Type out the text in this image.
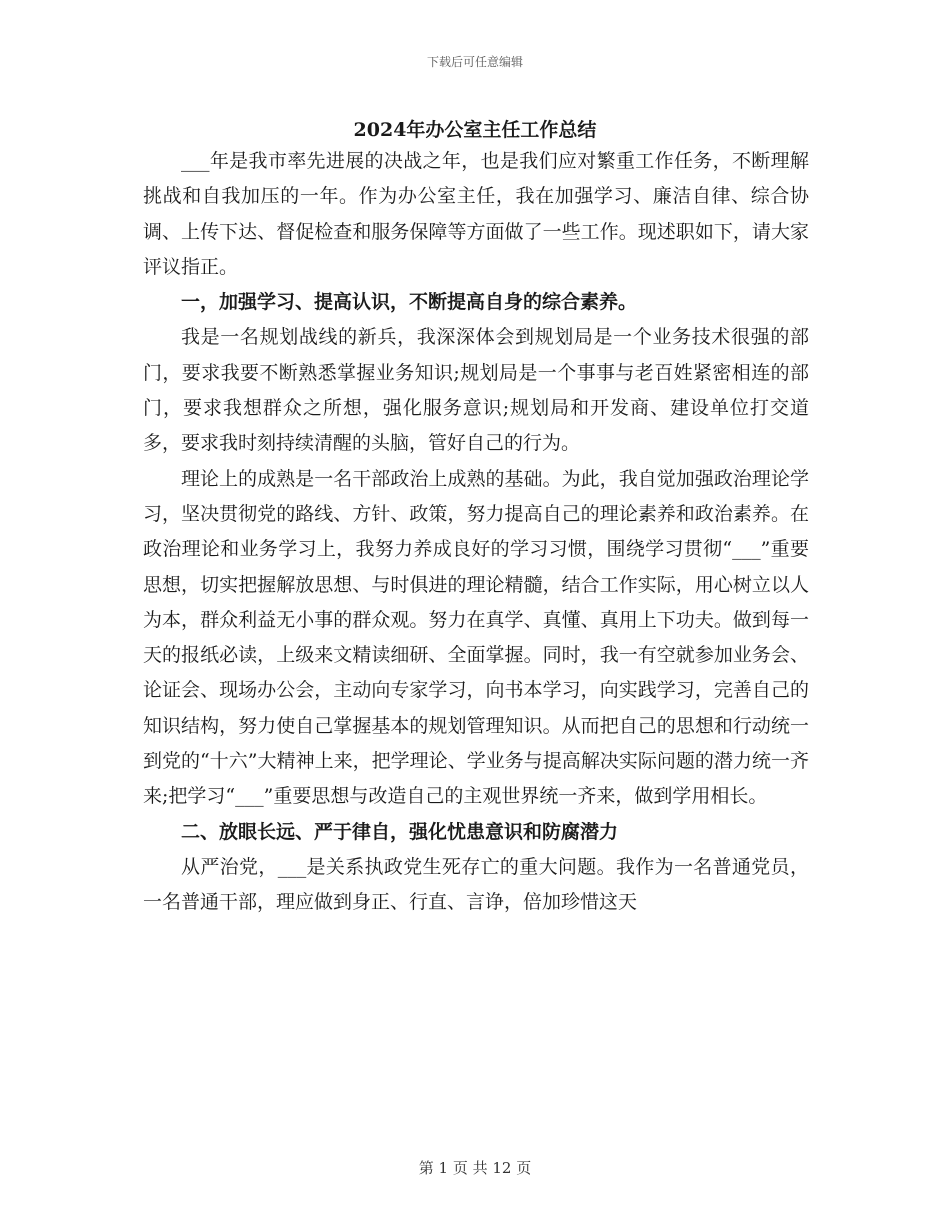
下载后可任意编辑
2024年办公室主任工作总结

___年是我市率先进展的决战之年，也是我们应对繁重工作任务，不断理解挑战和自我加压的一年。作为办公室主任，我在加强学习、廉洁自律、综合协调、上传下达、督促检查和服务保障等方面做了一些工作。现述职如下，请大家评议指正。

一，加强学习、提高认识，不断提高自身的综合素养。

我是一名规划战线的新兵，我深深体会到规划局是一个业务技术很强的部门，要求我要不断熟悉掌握业务知识;规划局是一个事事与老百姓紧密相连的部门，要求我想群众之所想，强化服务意识;规划局和开发商、建设单位打交道多，要求我时刻持续清醒的头脑，管好自己的行为。

理论上的成熟是一名干部政治上成熟的基础。为此，我自觉加强政治理论学习，坚决贯彻党的路线、方针、政策，努力提高自己的理论素养和政治素养。在政治理论和业务学习上，我努力养成良好的学习习惯，围绕学习贯彻“___”重要思想，切实把握解放思想、与时俱进的理论精髓，结合工作实际，用心树立以人为本，群众利益无小事的群众观。努力在真学、真懂、真用上下功夫。做到每一天的报纸必读，上级来文精读细研、全面掌握。同时，我一有空就参加业务会、论证会、现场办公会，主动向专家学习，向书本学习，向实践学习，完善自己的知识结构，努力使自己掌握基本的规划管理知识。从而把自己的思想和行动统一到党的“十六”大精神上来，把学理论、学业务与提高解决实际问题的潜力统一齐来;把学习“___”重要思想与改造自己的主观世界统一齐来，做到学用相长。

二、放眼长远、严于律自，强化忧患意识和防腐潜力

从严治党，___是关系执政党生死存亡的重大问题。我作为一名普通党员，一名普通干部，理应做到身正、行直、言诤，倍加珍惜这天

第 1 页 共 12 页
